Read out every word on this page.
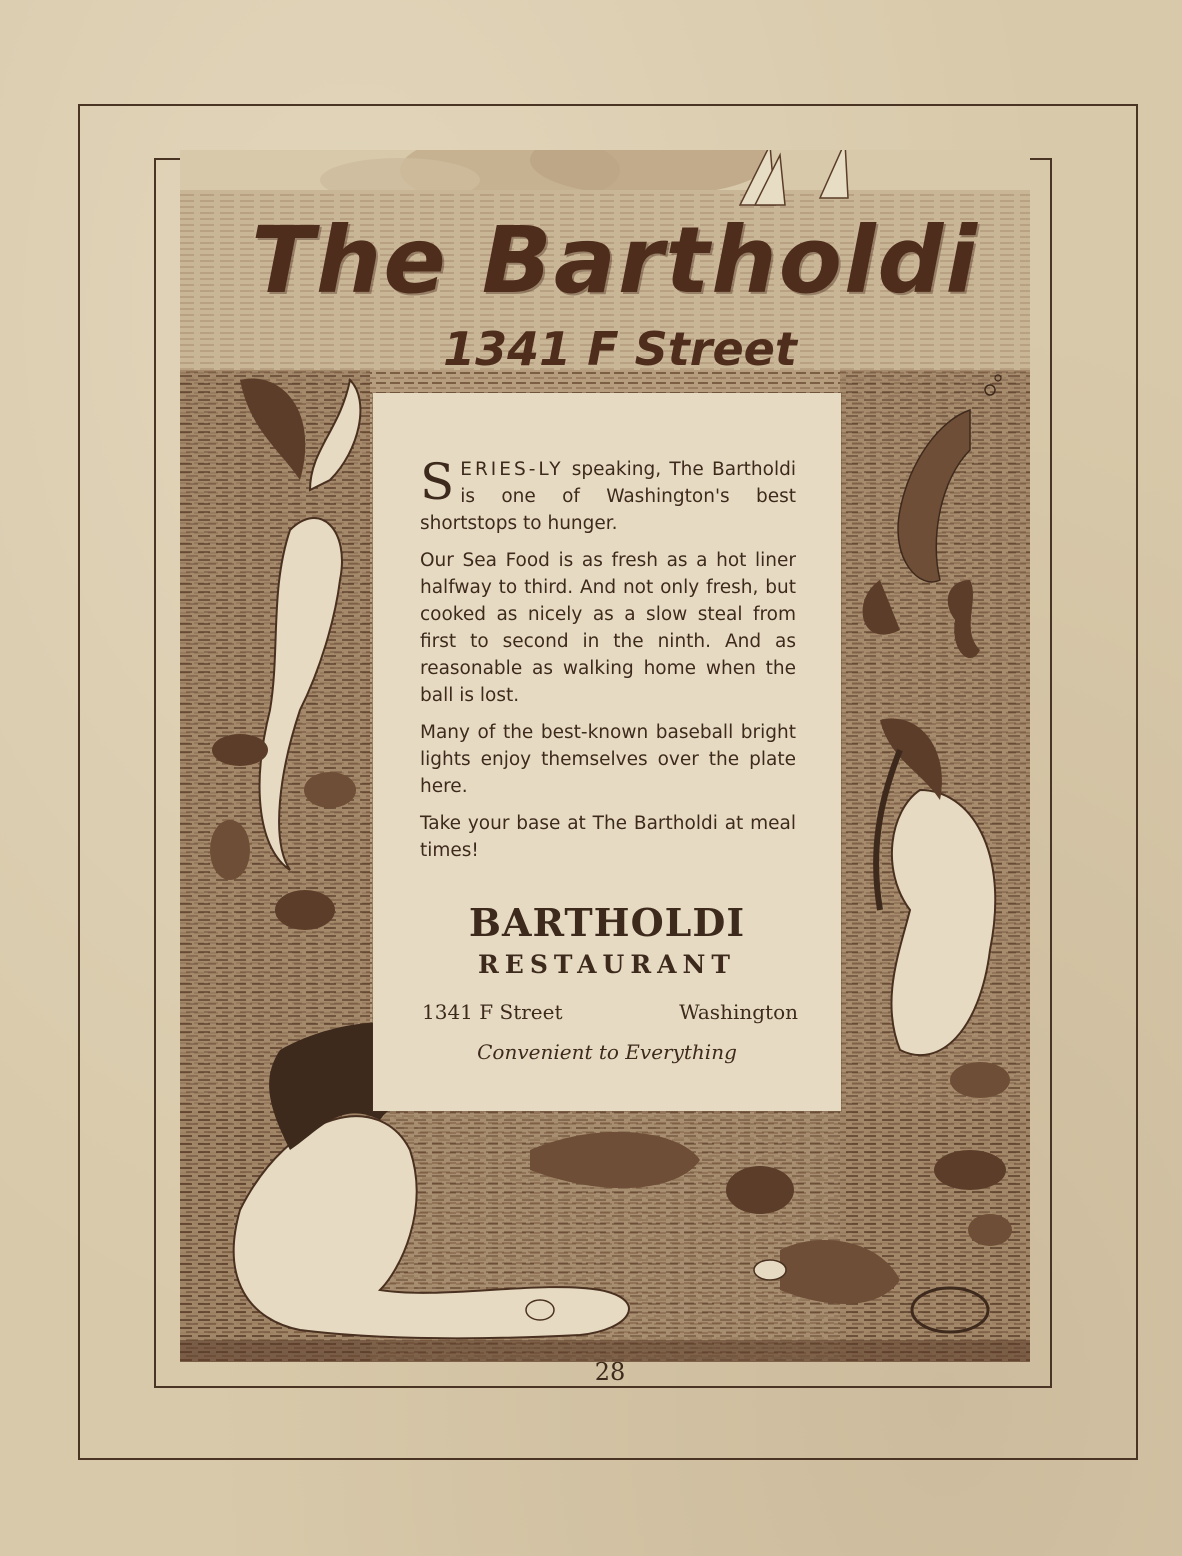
The Bartholdi
1341 F Street

SERIES-LY speaking, The Bartholdi is one of Washington's best shortstops to hunger.

Our Sea Food is as fresh as a hot liner halfway to third. And not only fresh, but cooked as nicely as a slow steal from first to second in the ninth. And as reasonable as walking home when the ball is lost.

Many of the best-known baseball bright lights enjoy themselves over the plate here.

Take your base at The Bartholdi at meal times!

BARTHOLDI
RESTAURANT
1341 F Street	Washington
Convenient to Everything
28
